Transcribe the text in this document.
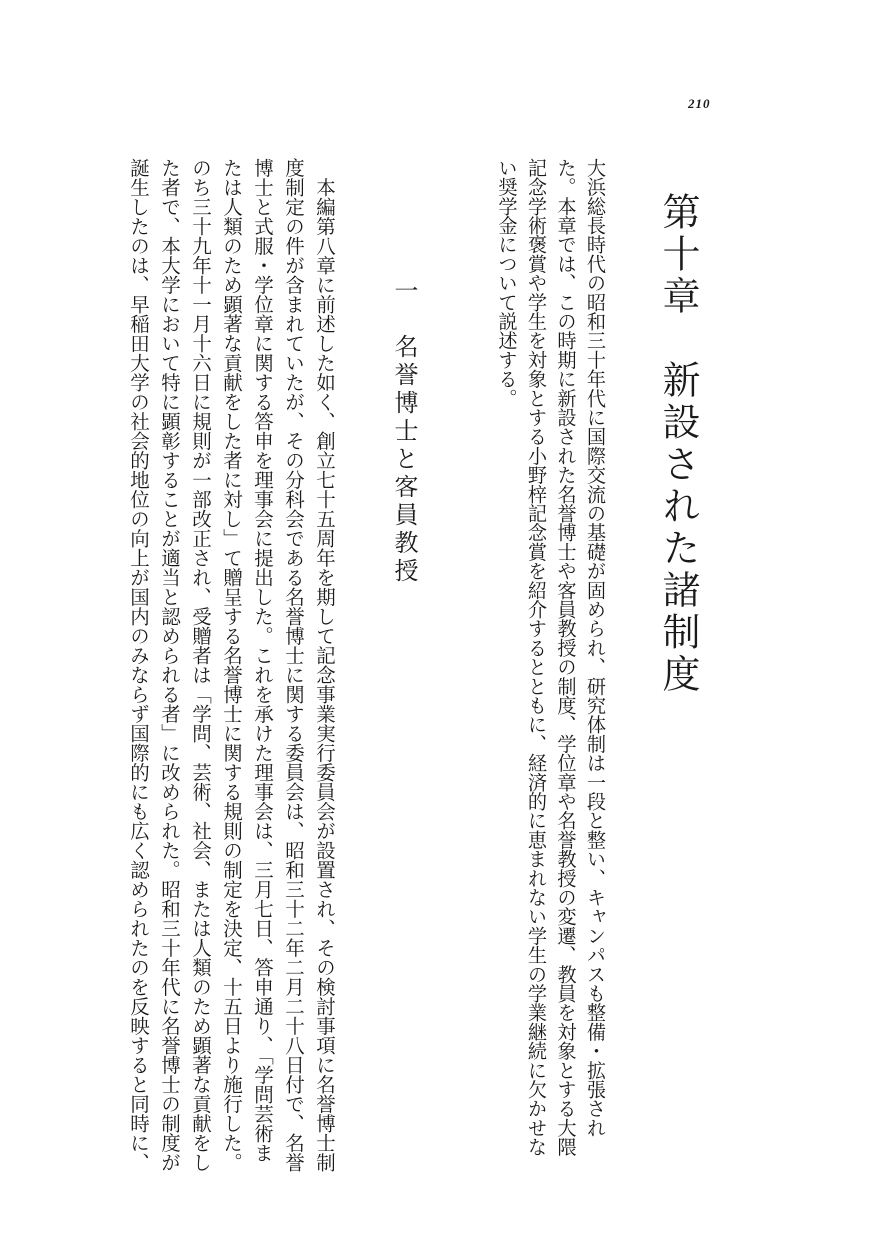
210
第十章　新設された諸制度
大浜総長時代の昭和三十年代に国際交流の基礎が固められ、研究体制は一段と整い、キャンパスも整備・拡張され
た。本章では、この時期に新設された名誉博士や客員教授の制度、学位章や名誉教授の変遷、教員を対象とする大隈
記念学術褒賞や学生を対象とする小野梓記念賞を紹介するとともに、経済的に恵まれない学生の学業継続に欠かせな
い奨学金について説述する。
一　名誉博士と客員教授
　本編第八章に前述した如く、創立七十五周年を期して記念事業実行委員会が設置され、その検討事項に名誉博士制
度制定の件が含まれていたが、その分科会である名誉博士に関する委員会は、昭和三十二年二月二十八日付で、名誉
博士と式服・学位章に関する答申を理事会に提出した。これを承けた理事会は、三月七日、答申通り、「学問芸術ま
たは人類のため顕著な貢献をした者に対し」て贈呈する名誉博士に関する規則の制定を決定、十五日より施行した。
のち三十九年十一月十六日に規則が一部改正され、受贈者は「学問、芸術、社会、または人類のため顕著な貢献をし
た者で、本大学において特に顕彰することが適当と認められる者」に改められた。昭和三十年代に名誉博士の制度が
誕生したのは、早稲田大学の社会的地位の向上が国内のみならず国際的にも広く認められたのを反映すると同時に、
